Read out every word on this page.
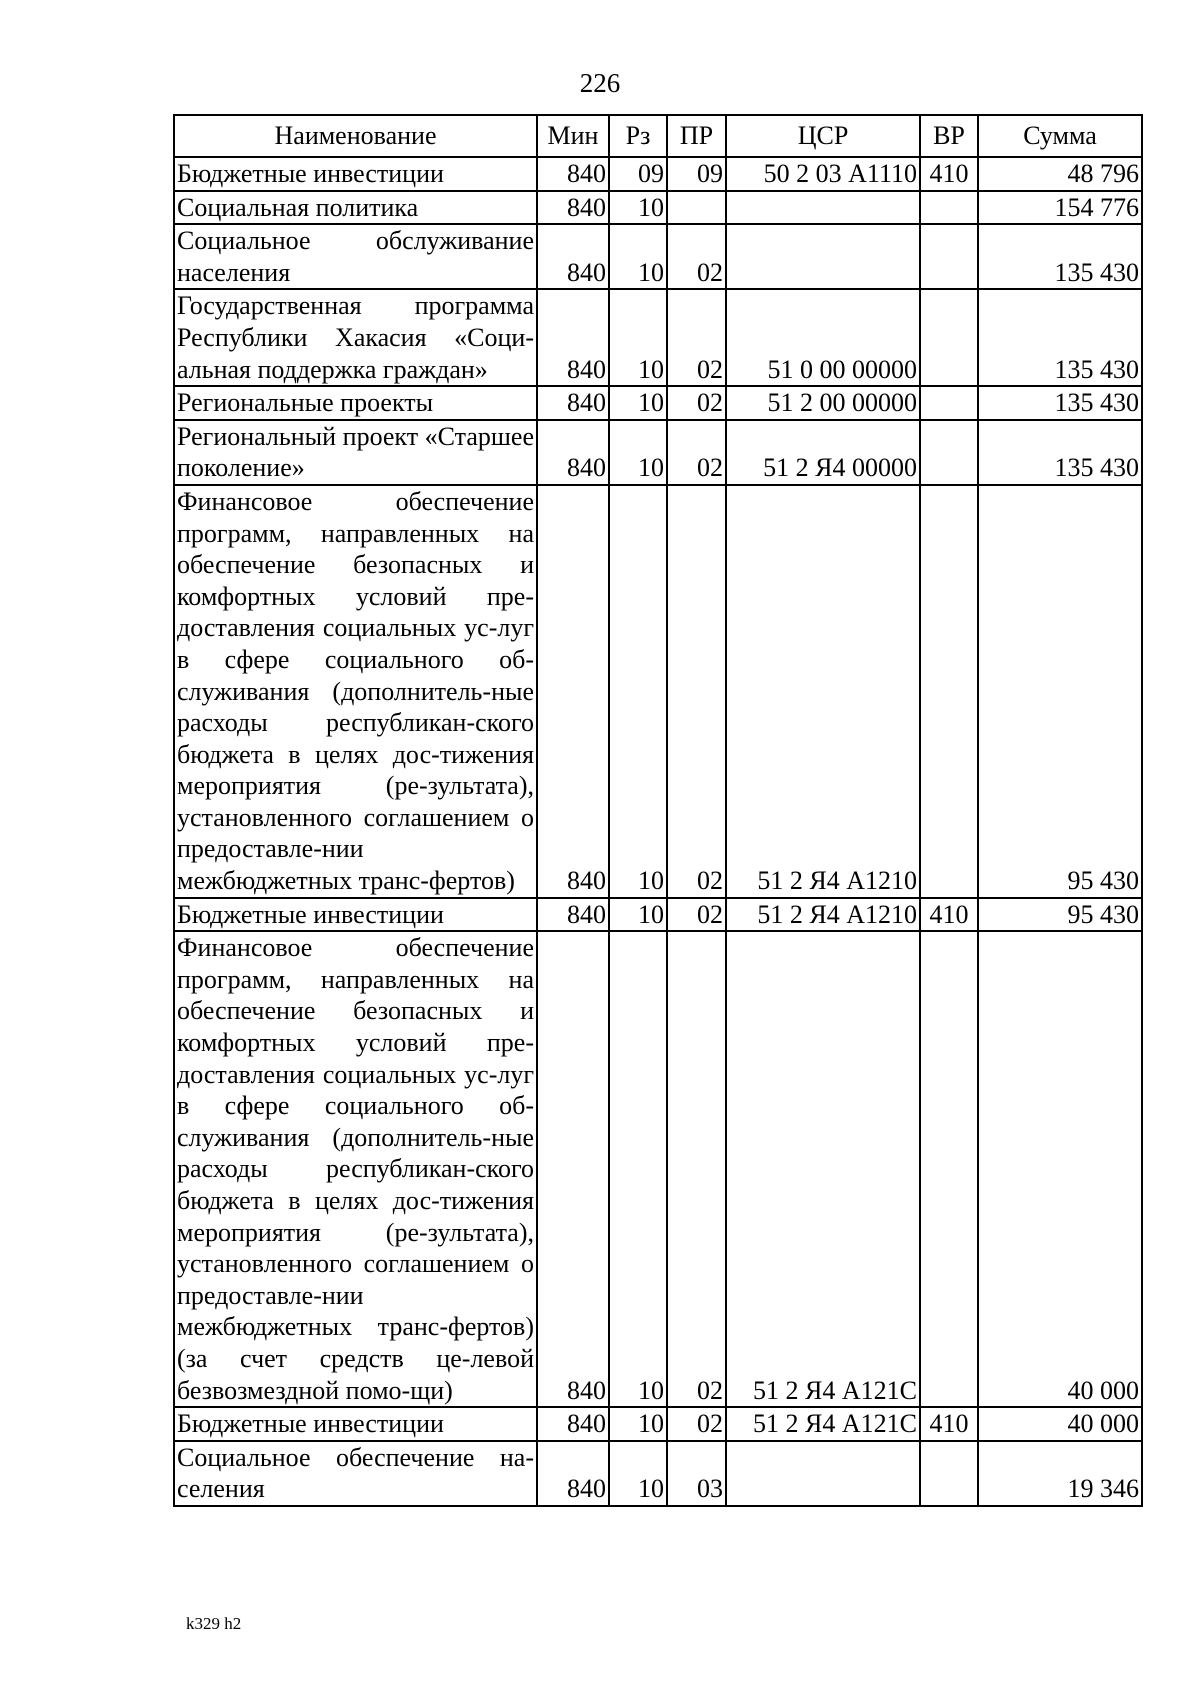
226
Наименование	Мин	Рз	ПР	ЦСР	ВР	Сумма
Бюджетные инвестиции	840	09	09	50 2 03 А1110	410	48 796
Социальная политика	840	10				154 776
Социальное обслуживание населения	840	10	02			135 430
Государственная программа Республики Хакасия «Соци-альная поддержка граждан»	840	10	02	51 0 00 00000		135 430
Региональные проекты	840	10	02	51 2 00 00000		135 430
Региональный проект «Старшее поколение»	840	10	02	51 2 Я4 00000		135 430
Финансовое обеспечение программ, направленных на обеспечение безопасных и комфортных условий пре-доставления социальных ус-луг в сфере социального об-служивания (дополнитель-ные расходы республикан-ского бюджета в целях дос-тижения мероприятия (ре-зультата), установленного соглашением о предоставле-нии межбюджетных транс-фертов)	840	10	02	51 2 Я4 А1210		95 430
Бюджетные инвестиции	840	10	02	51 2 Я4 А1210	410	95 430
Финансовое обеспечение программ, направленных на обеспечение безопасных и комфортных условий пре-доставления социальных ус-луг в сфере социального об-служивания (дополнитель-ные расходы республикан-ского бюджета в целях дос-тижения мероприятия (ре-зультата), установленного соглашением о предоставле-нии межбюджетных транс-фертов) (за счет средств це-левой безвозмездной помо-щи)	840	10	02	51 2 Я4 А121С		40 000
Бюджетные инвестиции	840	10	02	51 2 Я4 А121С	410	40 000
Социальное обеспечение на-селения	840	10	03			19 346
k329 h2
